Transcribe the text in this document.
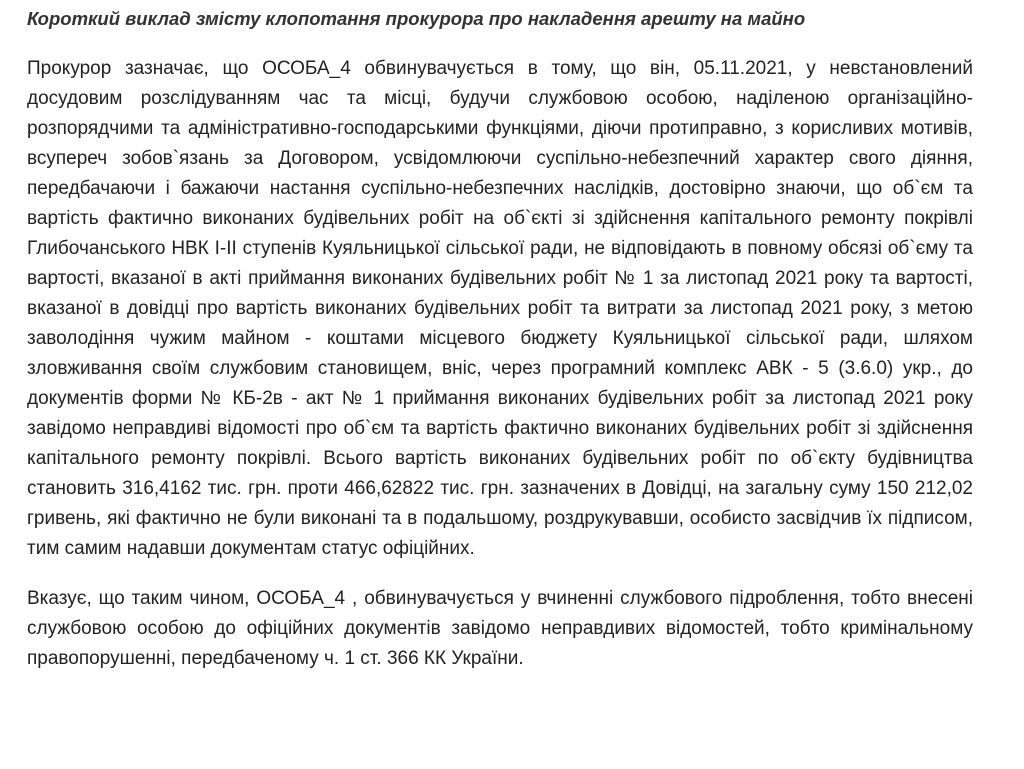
Короткий виклад змісту клопотання прокурора про накладення арешту на майно

Прокурор зазначає, що ОСОБА_4 обвинувачується в тому, що він, 05.11.2021, у невстановлений досудовим розслідуванням час та місці, будучи службовою особою, наділеною організаційно-розпорядчими та адміністративно-господарськими функціями, діючи протиправно, з корисливих мотивів, всупереч зобов`язань за Договором, усвідомлюючи суспільно-небезпечний характер свого діяння, передбачаючи і бажаючи настання суспільно-небезпечних наслідків, достовірно знаючи, що об`єм та вартість фактично виконаних будівельних робіт на об`єкті зі здійснення капітального ремонту покрівлі Глибочанського НВК І-ІІ ступенів Куяльницької сільської ради, не відповідають в повному обсязі об`єму та вартості, вказаної в акті приймання виконаних будівельних робіт № 1 за листопад 2021 року та вартості, вказаної в довідці про вартість виконаних будівельних робіт та витрати за листопад 2021 року, з метою заволодіння чужим майном - коштами місцевого бюджету Куяльницької сільської ради, шляхом зловживання своїм службовим становищем, вніс, через програмний комплекс АВК - 5 (3.6.0) укр., до документів форми № КБ-2в - акт № 1 приймання виконаних будівельних робіт за листопад 2021 року завідомо неправдиві відомості про об`єм та вартість фактично виконаних будівельних робіт зі здійснення капітального ремонту покрівлі. Всього вартість виконаних будівельних робіт по об`єкту будівництва становить 316,4162 тис. грн. проти 466,62822 тис. грн. зазначених в Довідці, на загальну суму 150 212,02 гривень, які фактично не були виконані та в подальшому, роздрукувавши, особисто засвідчив їх підписом, тим самим надавши документам статус офіційних.

Вказує, що таким чином, ОСОБА_4 , обвинувачується у вчиненні службового підроблення, тобто внесені службовою особою до офіційних документів завідомо неправдивих відомостей, тобто кримінальному правопорушенні, передбаченому ч. 1 ст. 366 КК України.
